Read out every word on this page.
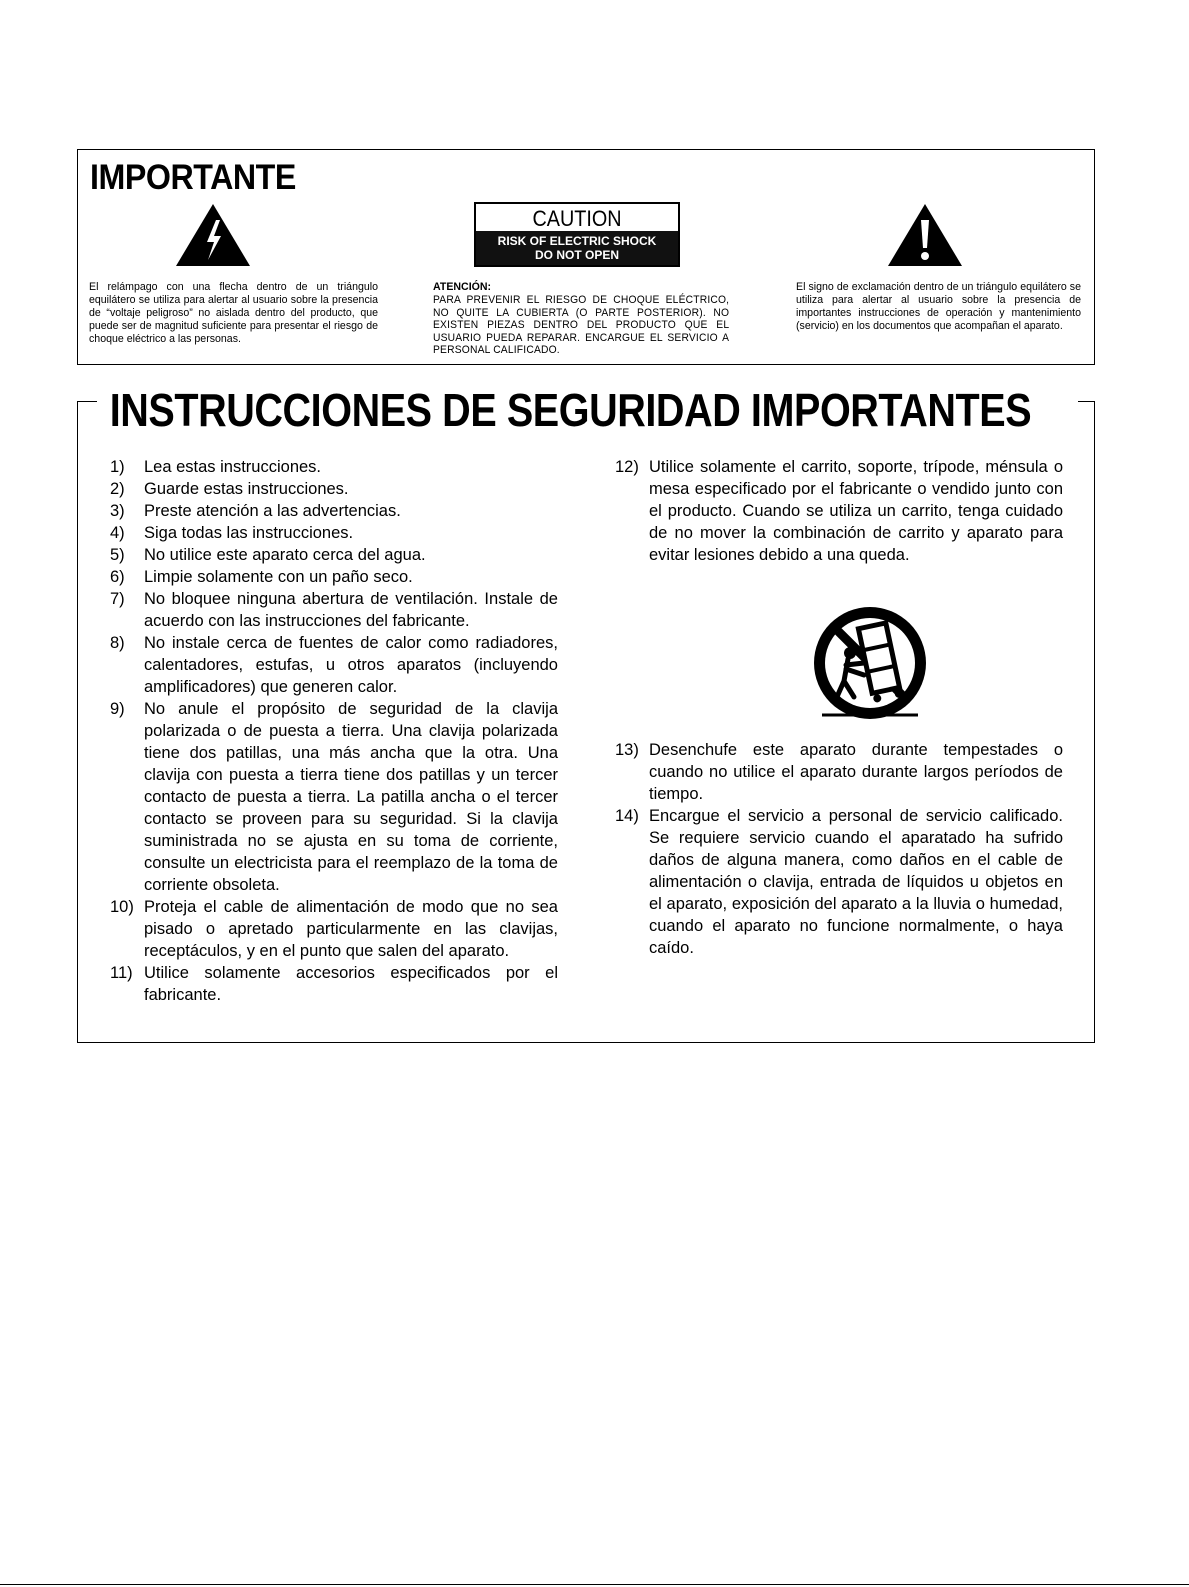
IMPORTANTE
CAUTION
RISK OF ELECTRIC SHOCK
DO NOT OPEN
El relámpago con una flecha dentro de un triángulo equilátero se utiliza para alertar al usuario sobre la presencia de “voltaje peligroso” no aislada dentro del producto, que puede ser de magnitud suficiente para presentar el riesgo de choque eléctrico a las personas.
ATENCIÓN:
PARA PREVENIR EL RIESGO DE CHOQUE ELÉCTRICO, NO QUITE LA CUBIERTA (O PARTE POSTERIOR). NO EXISTEN PIEZAS DENTRO DEL PRODUCTO QUE EL USUARIO PUEDA REPARAR. ENCARGUE EL SERVICIO A PERSONAL CALIFICADO.
El signo de exclamación dentro de un triángulo equilátero se utiliza para alertar al usuario sobre la presencia de importantes instrucciones de operación y mantenimiento (servicio) en los documentos que acompañan el aparato.
INSTRUCCIONES DE SEGURIDAD IMPORTANTES
1)	Lea estas instrucciones.
2)	Guarde estas instrucciones.
3)	Preste atención a las advertencias.
4)	Siga todas las instrucciones.
5)	No utilice este aparato cerca del agua.
6)	Limpie solamente con un paño seco.
7)	No bloquee ninguna abertura de ventilación. Instale de acuerdo con las instrucciones del fabricante.
8)	No instale cerca de fuentes de calor como radiadores, calentadores, estufas, u otros aparatos (incluyendo amplificadores) que generen calor.
9)	No anule el propósito de seguridad de la clavija polarizada o de puesta a tierra. Una clavija polarizada tiene dos patillas, una más ancha que la otra. Una clavija con puesta a tierra tiene dos patillas y un tercer contacto de puesta a tierra. La patilla ancha o el tercer contacto se proveen para su seguridad. Si la clavija suministrada no se ajusta en su toma de corriente, consulte un electricista para el reemplazo de la toma de corriente obsoleta.
10) Proteja el cable de alimentación de modo que no sea pisado o apretado particularmente en las clavijas, receptáculos, y en el punto que salen del aparato.
11) Utilice solamente accesorios especificados por el fabricante.
12) Utilice solamente el carrito, soporte, trípode, ménsula o mesa especificado por el fabricante o vendido junto con el producto. Cuando se utiliza un carrito, tenga cuidado de no mover la combinación de carrito y aparato para evitar lesiones debido a una queda.
13) Desenchufe este aparato durante tempestades o cuando no utilice el aparato durante largos períodos de tiempo.
14) Encargue el servicio a personal de servicio calificado. Se requiere servicio cuando el aparatado ha sufrido daños de alguna manera, como daños en el cable de alimentación o clavija, entrada de líquidos u objetos en el aparato, exposición del aparato a la lluvia o humedad, cuando el aparato no funcione normalmente, o haya caído.
